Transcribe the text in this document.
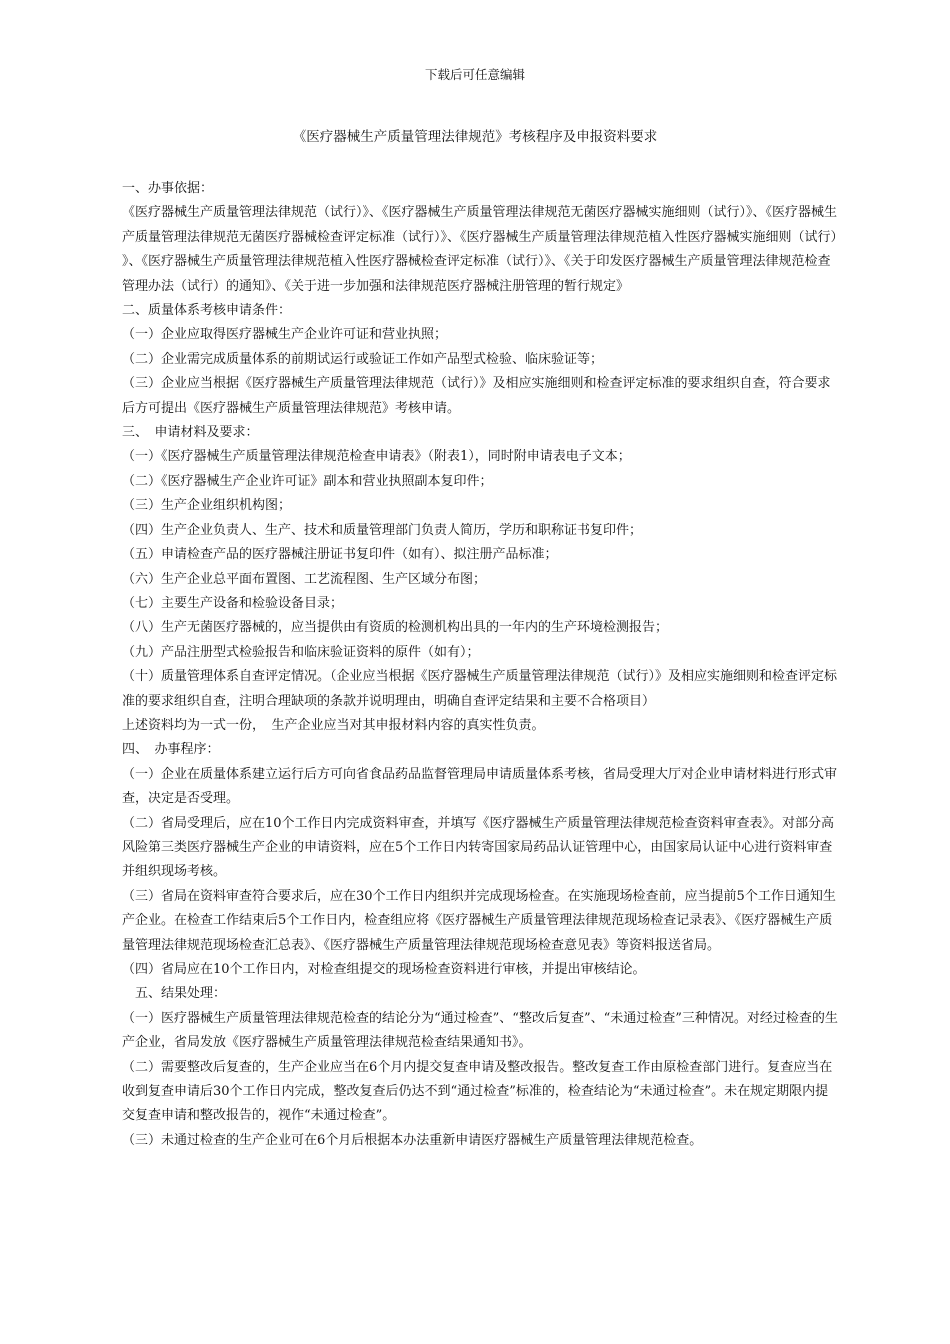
下载后可任意编辑
《医疗器械生产质量管理法律规范》考核程序及申报资料要求

一、办事依据：

《医疗器械生产质量管理法律规范（试行）》、《医疗器械生产质量管理法律规范无菌医疗器械实施细则（试行）》、《医疗器械生产质量管理法律规范无菌医疗器械检查评定标准（试行）》、《医疗器械生产质量管理法律规范植入性医疗器械实施细则（试行）》、《医疗器械生产质量管理法律规范植入性医疗器械检查评定标准（试行）》、《关于印发医疗器械生产质量管理法律规范检查管理办法（试行）的通知》、《关于进一步加强和法律规范医疗器械注册管理的暂行规定》

二、质量体系考核申请条件：

（一）企业应取得医疗器械生产企业许可证和营业执照；

（二）企业需完成质量体系的前期试运行或验证工作如产品型式检验、临床验证等；

（三）企业应当根据《医疗器械生产质量管理法律规范（试行）》及相应实施细则和检查评定标准的要求组织自查，符合要求后方可提出《医疗器械生产质量管理法律规范》考核申请。

三、　申请材料及要求：

（一）《医疗器械生产质量管理法律规范检查申请表》（附表1），同时附申请表电子文本；

（二）《医疗器械生产企业许可证》副本和营业执照副本复印件；

（三）生产企业组织机构图；

（四）生产企业负责人、生产、技术和质量管理部门负责人简历，学历和职称证书复印件；

（五）申请检查产品的医疗器械注册证书复印件（如有）、拟注册产品标准；

（六）生产企业总平面布置图、工艺流程图、生产区域分布图；

（七）主要生产设备和检验设备目录；

（八）生产无菌医疗器械的，应当提供由有资质的检测机构出具的一年内的生产环境检测报告；

（九）产品注册型式检验报告和临床验证资料的原件（如有）；

（十）质量管理体系自查评定情况。（企业应当根据《医疗器械生产质量管理法律规范（试行）》及相应实施细则和检查评定标准的要求组织自查，注明合理缺项的条款并说明理由，明确自查评定结果和主要不合格项目）

上述资料均为一式一份，　生产企业应当对其申报材料内容的真实性负责。

四、　办事程序：

（一）企业在质量体系建立运行后方可向省食品药品监督管理局申请质量体系考核，省局受理大厅对企业申请材料进行形式审查，决定是否受理。

（二）省局受理后，应在10个工作日内完成资料审查，并填写《医疗器械生产质量管理法律规范检查资料审查表》。对部分高风险第三类医疗器械生产企业的申请资料，应在5个工作日内转寄国家局药品认证管理中心，由国家局认证中心进行资料审查并组织现场考核。

（三）省局在资料审查符合要求后，应在30个工作日内组织并完成现场检查。在实施现场检查前，应当提前5个工作日通知生产企业。在检查工作结束后5个工作日内，检查组应将《医疗器械生产质量管理法律规范现场检查记录表》、《医疗器械生产质量管理法律规范现场检查汇总表》、《医疗器械生产质量管理法律规范现场检查意见表》等资料报送省局。

（四）省局应在10个工作日内，对检查组提交的现场检查资料进行审核，并提出审核结论。

五、结果处理：

（一）医疗器械生产质量管理法律规范检查的结论分为“通过检查”、“整改后复查”、“未通过检查”三种情况。对经过检查的生产企业，省局发放《医疗器械生产质量管理法律规范检查结果通知书》。

（二）需要整改后复查的，生产企业应当在6个月内提交复查申请及整改报告。整改复查工作由原检查部门进行。复查应当在收到复查申请后30个工作日内完成，整改复查后仍达不到“通过检查”标准的，检查结论为“未通过检查”。未在规定期限内提交复查申请和整改报告的，视作“未通过检查”。

（三）未通过检查的生产企业可在6个月后根据本办法重新申请医疗器械生产质量管理法律规范检查。
